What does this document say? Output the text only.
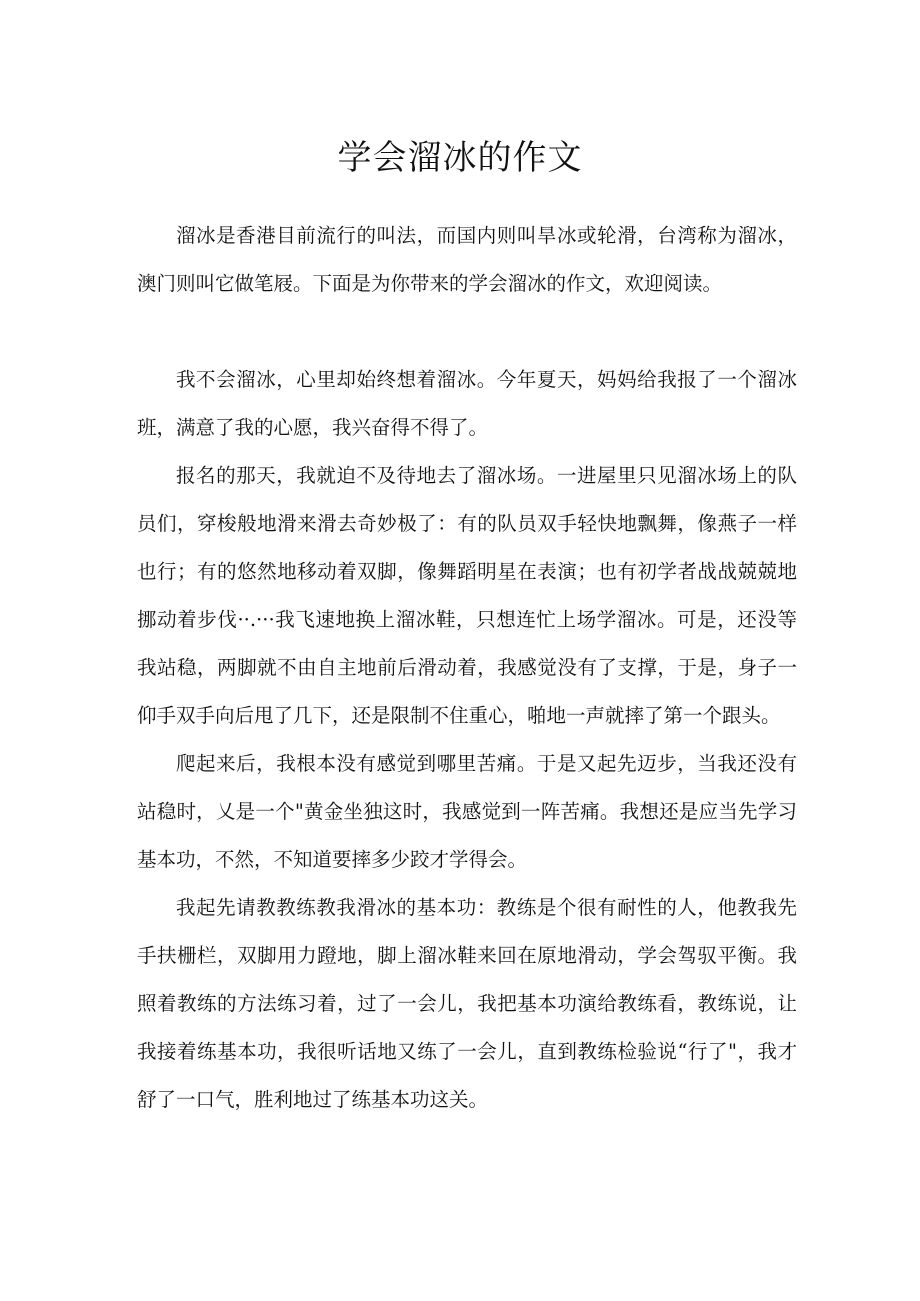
学会溜冰的作文

溜冰是香港目前流行的叫法，而国内则叫旱冰或轮滑，台湾称为溜冰，澳门则叫它做笔屐。下面是为你带来的学会溜冰的作文，欢迎阅读。

我不会溜冰，心里却始终想着溜冰。今年夏天，妈妈给我报了一个溜冰班，满意了我的心愿，我兴奋得不得了。

报名的那天，我就迫不及待地去了溜冰场。一进屋里只见溜冰场上的队员们，穿梭般地滑来滑去奇妙极了：有的队员双手轻快地飘舞，像燕子一样也行；有的悠然地移动着双脚，像舞蹈明星在表演；也有初学者战战兢兢地挪动着步伐··.···我飞速地换上溜冰鞋，只想连忙上场学溜冰。可是，还没等我站稳，两脚就不由自主地前后滑动着，我感觉没有了支撑，于是，身子一仰手双手向后甩了几下，还是限制不住重心，啪地一声就摔了第一个跟头。

爬起来后，我根本没有感觉到哪里苦痛。于是又起先迈步，当我还没有站稳时，乂是一个"黄金坐独这时，我感觉到一阵苦痛。我想还是应当先学习基本功，不然，不知道要摔多少跤才学得会。

我起先请教教练教我滑冰的基本功：教练是个很有耐性的人，他教我先手扶栅栏，双脚用力蹬地，脚上溜冰鞋来回在原地滑动，学会驾驭平衡。我照着教练的方法练习着，过了一会儿，我把基本功演给教练看，教练说，让我接着练基本功，我很听话地又练了一会儿，直到教练检验说“行了"，我才舒了一口气，胜利地过了练基本功这关。
